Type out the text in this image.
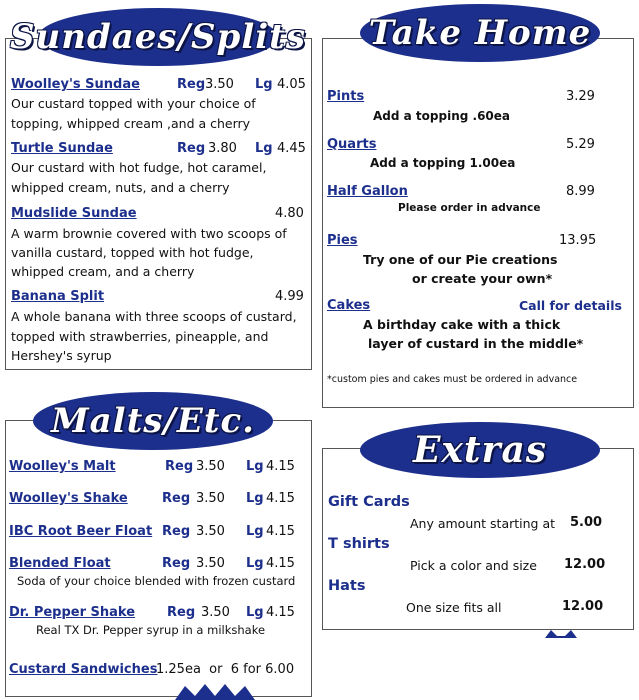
Sundaes/Splits
Woolley's Sundae	Reg 3.50 Lg 4.05
Our custard topped with your choice of
topping, whipped cream ,and a cherry
Turtle Sundae	Reg 3.80 Lg 4.45
Our custard with hot fudge, hot caramel,
whipped cream, nuts, and a cherry
Mudslide Sundae	4.80
A warm brownie covered with two scoops of
vanilla custard, topped with hot fudge,
whipped cream, and a cherry
Banana Split	4.99
A whole banana with three scoops of custard,
topped with strawberries, pineapple, and
Hershey's syrup
Take Home
Pints	3.29
Add a topping .60ea
Quarts	5.29
Add a topping 1.00ea
Half Gallon	8.99
Please order in advance
Pies	13.95
Try one of our Pie creations
or create your own*
Cakes	Call for details
A birthday cake with a thick
layer of custard in the middle*
*custom pies and cakes must be ordered in advance
Malts/Etc.
Woolley's Malt	Reg 3.50 Lg 4.15
Woolley's Shake	Reg 3.50 Lg 4.15
IBC Root Beer Float Reg 3.50 Lg 4.15
Blended Float	Reg 3.50 Lg 4.15
Soda of your choice blended with frozen custard
Dr. Pepper Shake Reg 3.50 Lg 4.15
Real TX Dr. Pepper syrup in a milkshake
Custard Sandwiches
1.25ea  or  6 for 6.00
Extras
Gift Cards
Any amount starting at 5.00
T shirts
Pick a color and size 12.00
Hats
One size fits all	12.00
